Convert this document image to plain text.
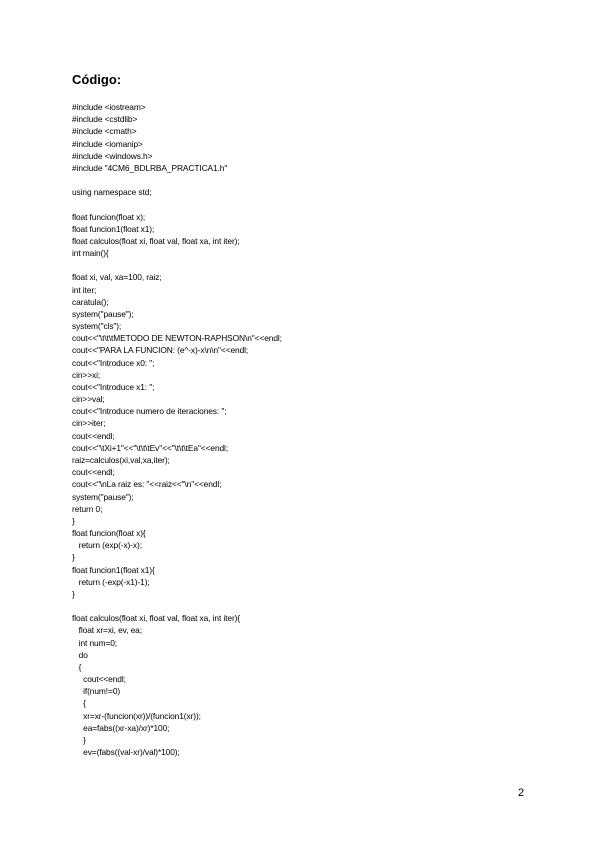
Código:
#include <iostream>
#include <cstdlib>
#include <cmath>
#include <iomanip>
#include <windows.h>
#include "4CM6_BDLRBA_PRACTICA1.h"
using namespace std;
float funcion(float x);
float funcion1(float x1);
float calculos(float xi, float val, float xa, int iter);
int main(){
float xi, val, xa=100, raiz;
int iter;
caratula();
system("pause");
system("cls");
cout<<"\t\t\tMETODO DE NEWTON-RAPHSON\n"<<endl;
cout<<"PARA LA FUNCION: (e^-x)-x\n\n"<<endl;
cout<<"Introduce x0: ";
cin>>xi;
cout<<"Introduce x1: ";
cin>>val;
cout<<"Introduce numero de iteraciones: ";
cin>>iter;
cout<<endl;
cout<<"\tXi+1"<<"\t\t\tEv"<<"\t\t\tEa"<<endl;
raiz=calculos(xi,val,xa,iter);
cout<<endl;
cout<<"\nLa raiz es: "<<raiz<<"\n"<<endl;
system("pause");
return 0;
}
float funcion(float x){
return (exp(-x)-x);
}
float funcion1(float x1){
return (-exp(-x1)-1);
}
float calculos(float xi, float val, float xa, int iter){
float xr=xi, ev, ea;
int num=0;
do
{
cout<<endl;
if(num!=0)
{
xr=xr-(funcion(xr))/(funcion1(xr));
ea=fabs((xr-xa)/xr)*100;
}
ev=(fabs((val-xr)/val)*100);
2
